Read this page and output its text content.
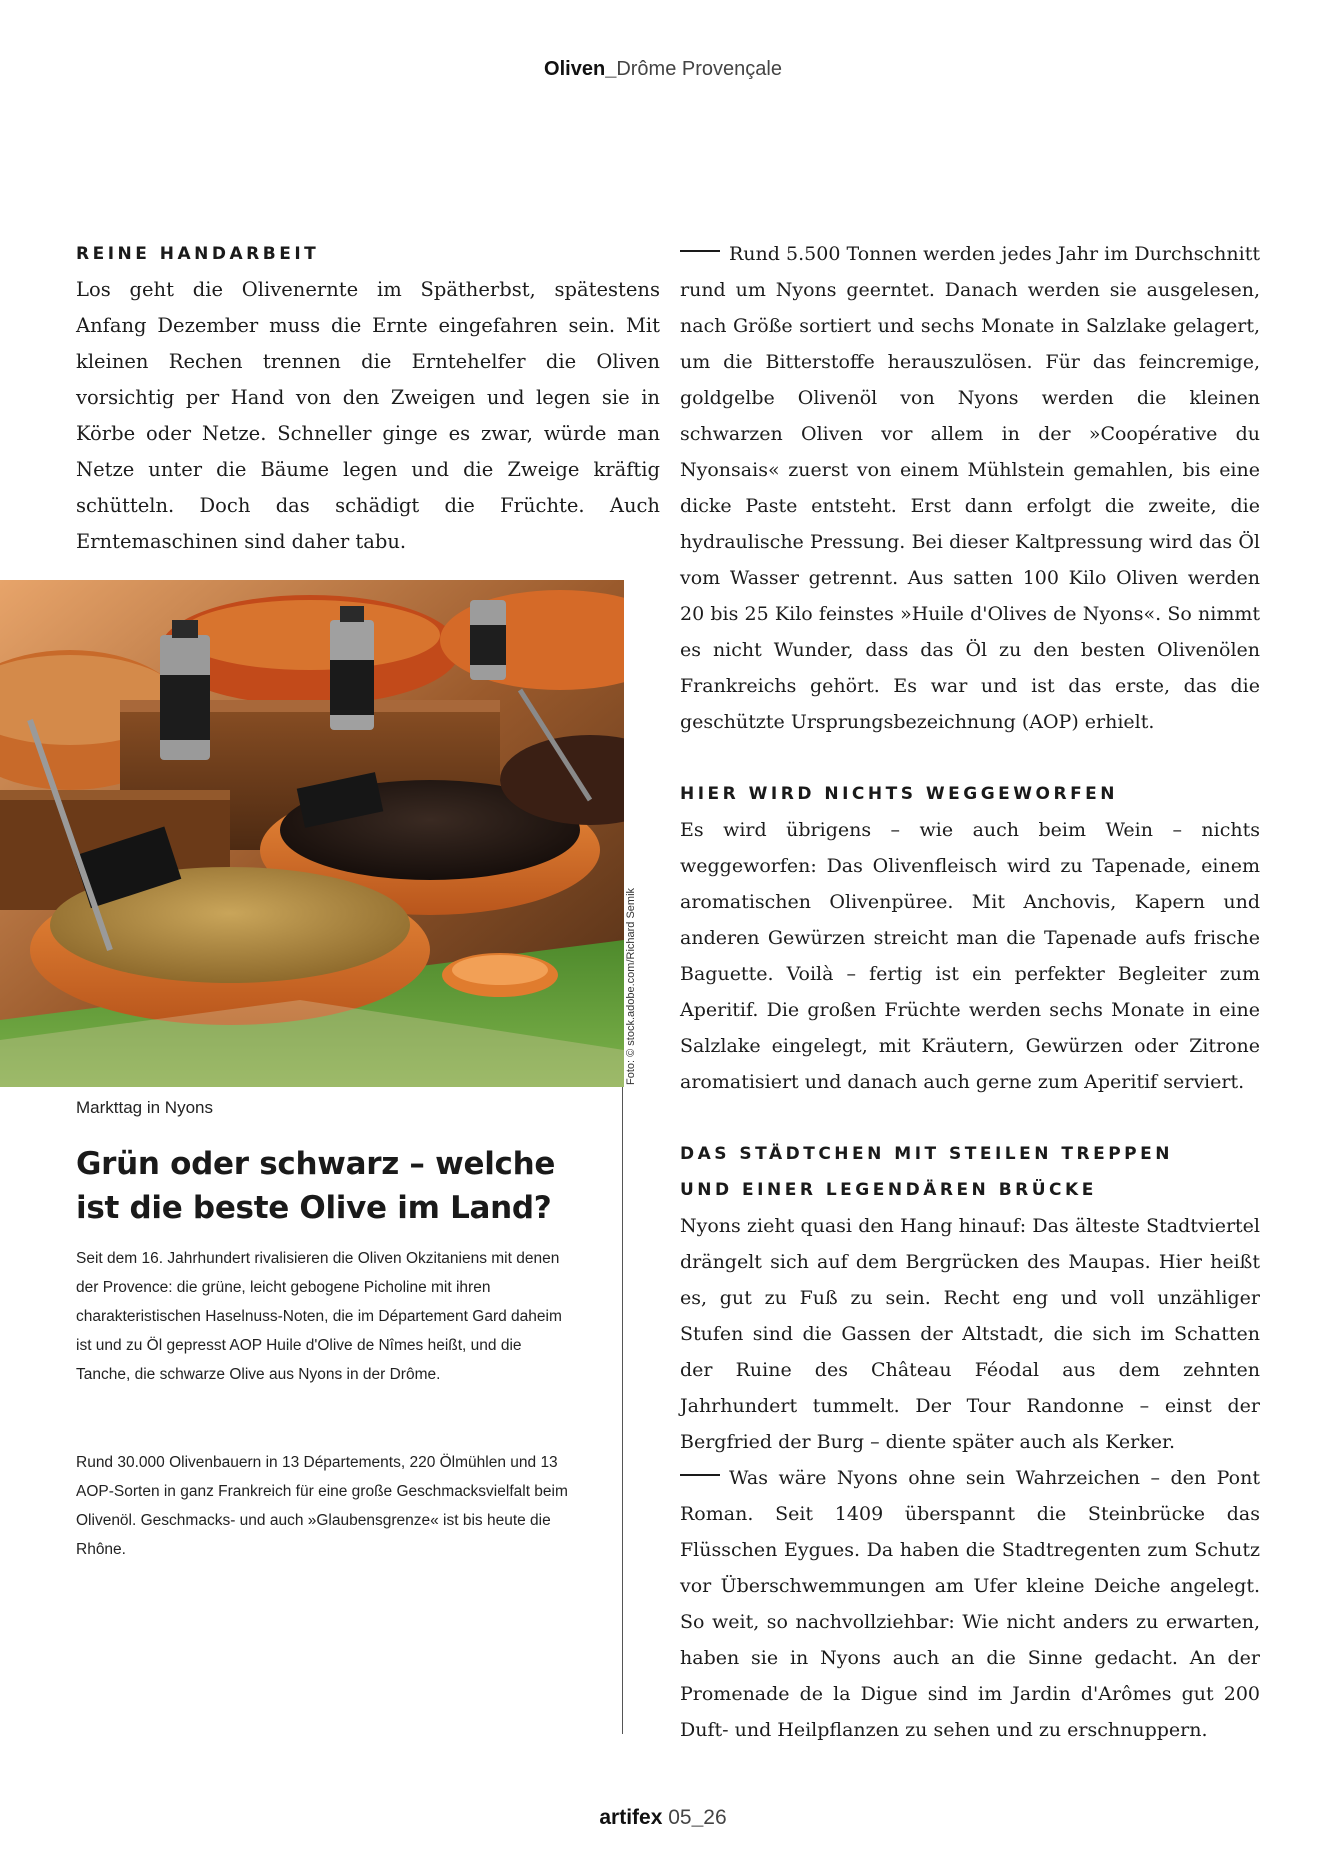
Oliven_Drôme Provençale

REINE HANDARBEIT

Los geht die Olivenernte im Spätherbst, spätestens Anfang Dezember muss die Ernte eingefahren sein. Mit kleinen Rechen trennen die Erntehelfer die Oliven vorsichtig per Hand von den Zweigen und legen sie in Körbe oder Netze. Schneller ginge es zwar, würde man Netze unter die Bäume legen und die Zweige kräftig schütteln. Doch das schädigt die Früchte. Auch Erntemaschinen sind daher tabu.

Foto: © stock.adobe.com/Richard Semik
Markttag in Nyons
Grün oder schwarz – welche ist die beste Olive im Land?

Seit dem 16. Jahrhundert rivalisieren die Oliven Okzitaniens mit denen der Provence: die grüne, leicht gebogene Picholine mit ihren charakteristischen Haselnuss-Noten, die im Département Gard daheim ist und zu Öl gepresst AOP Huile d'Olive de Nîmes heißt, und die Tanche, die schwarze Olive aus Nyons in der Drôme.

Rund 30.000 Olivenbauern in 13 Départements, 220 Ölmühlen und 13 AOP-Sorten in ganz Frankreich für eine große Geschmacksvielfalt beim Olivenöl. Geschmacks- und auch »Glaubensgrenze« ist bis heute die Rhône.

Rund 5.500 Tonnen werden jedes Jahr im Durchschnitt rund um Nyons geerntet. Danach werden sie ausgelesen, nach Größe sortiert und sechs Monate in Salzlake gelagert, um die Bitterstoffe herauszulösen. Für das feincremige, goldgelbe Olivenöl von Nyons werden die kleinen schwarzen Oliven vor allem in der »Coopérative du Nyonsais« zuerst von einem Mühlstein gemahlen, bis eine dicke Paste entsteht. Erst dann erfolgt die zweite, die hydraulische Pressung. Bei dieser Kaltpressung wird das Öl vom Wasser getrennt. Aus satten 100 Kilo Oliven werden 20 bis 25 Kilo feinstes »Huile d'Olives de Nyons«. So nimmt es nicht Wunder, dass das Öl zu den besten Olivenölen Frankreichs gehört. Es war und ist das erste, das die geschützte Ursprungsbezeichnung (AOP) erhielt.

HIER WIRD NICHTS WEGGEWORFEN

Es wird übrigens – wie auch beim Wein – nichts weggeworfen: Das Olivenfleisch wird zu Tapenade, einem aromatischen Olivenpüree. Mit Anchovis, Kapern und anderen Gewürzen streicht man die Tapenade aufs frische Baguette. Voilà – fertig ist ein perfekter Begleiter zum Aperitif. Die großen Früchte werden sechs Monate in eine Salzlake eingelegt, mit Kräutern, Gewürzen oder Zitrone aromatisiert und danach auch gerne zum Aperitif serviert.

DAS STÄDTCHEN MIT STEILEN TREPPEN

UND EINER LEGENDÄREN BRÜCKE

Nyons zieht quasi den Hang hinauf: Das älteste Stadtviertel drängelt sich auf dem Bergrücken des Maupas. Hier heißt es, gut zu Fuß zu sein. Recht eng und voll unzähliger Stufen sind die Gassen der Altstadt, die sich im Schatten der Ruine des Château Féodal aus dem zehnten Jahrhundert tummelt. Der Tour Randonne – einst der Bergfried der Burg – diente später auch als Kerker.

Was wäre Nyons ohne sein Wahrzeichen – den Pont Roman. Seit 1409 überspannt die Steinbrücke das Flüsschen Eygues. Da haben die Stadtregenten zum Schutz vor Überschwemmungen am Ufer kleine Deiche angelegt. So weit, so nachvollziehbar: Wie nicht anders zu erwarten, haben sie in Nyons auch an die Sinne gedacht. An der Promenade de la Digue sind im Jardin d'Arômes gut 200 Duft- und Heilpflanzen zu sehen und zu erschnuppern.

artifex 05_26
